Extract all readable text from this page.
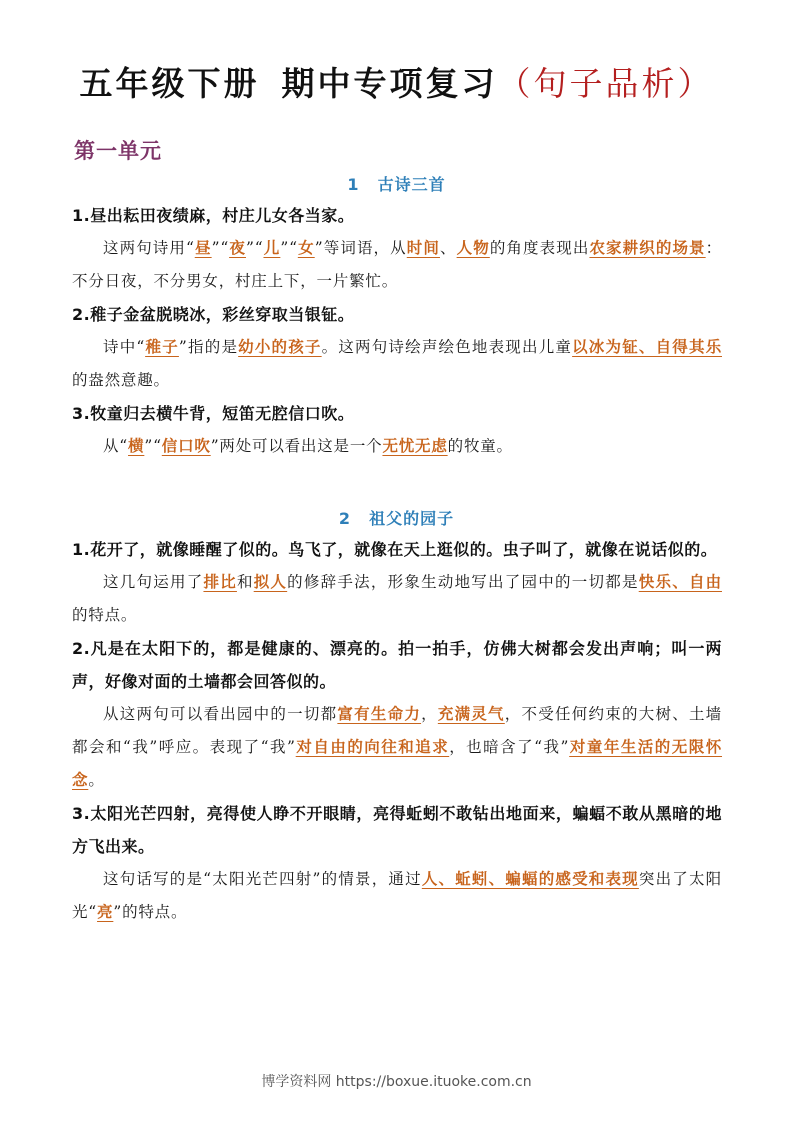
五年级下册 期中专项复习（句子品析）
第一单元
1 古诗三首
1.昼出耘田夜绩麻，村庄儿女各当家。
这两句诗用“昼”“夜”“儿”“女”等词语，从时间、人物的角度表现出农家耕织的场景：不分日夜，不分男女，村庄上下，一片繁忙。
2.稚子金盆脱晓冰，彩丝穿取当银钲。
诗中“稚子”指的是幼小的孩子。这两句诗绘声绘色地表现出儿童以冰为钲、自得其乐的盎然意趣。
3.牧童归去横牛背，短笛无腔信口吹。
从“横”“信口吹”两处可以看出这是一个无忧无虑的牧童。
2 祖父的园子
1.花开了，就像睡醒了似的。鸟飞了，就像在天上逛似的。虫子叫了，就像在说话似的。
这几句运用了排比和拟人的修辞手法，形象生动地写出了园中的一切都是快乐、自由的特点。
2.凡是在太阳下的，都是健康的、漂亮的。拍一拍手，仿佛大树都会发出声响；叫一两声，好像对面的土墙都会回答似的。
从这两句可以看出园中的一切都富有生命力，充满灵气，不受任何约束的大树、土墙都会和“我”呼应。表现了“我”对自由的向往和追求，也暗含了“我”对童年生活的无限怀念。
3.太阳光芒四射，亮得使人睁不开眼睛，亮得蚯蚓不敢钻出地面来，蝙蝠不敢从黑暗的地方飞出来。
这句话写的是“太阳光芒四射”的情景，通过人、蚯蚓、蝙蝠的感受和表现突出了太阳光“亮”的特点。
博学资料网 https://boxue.ituoke.com.cn
